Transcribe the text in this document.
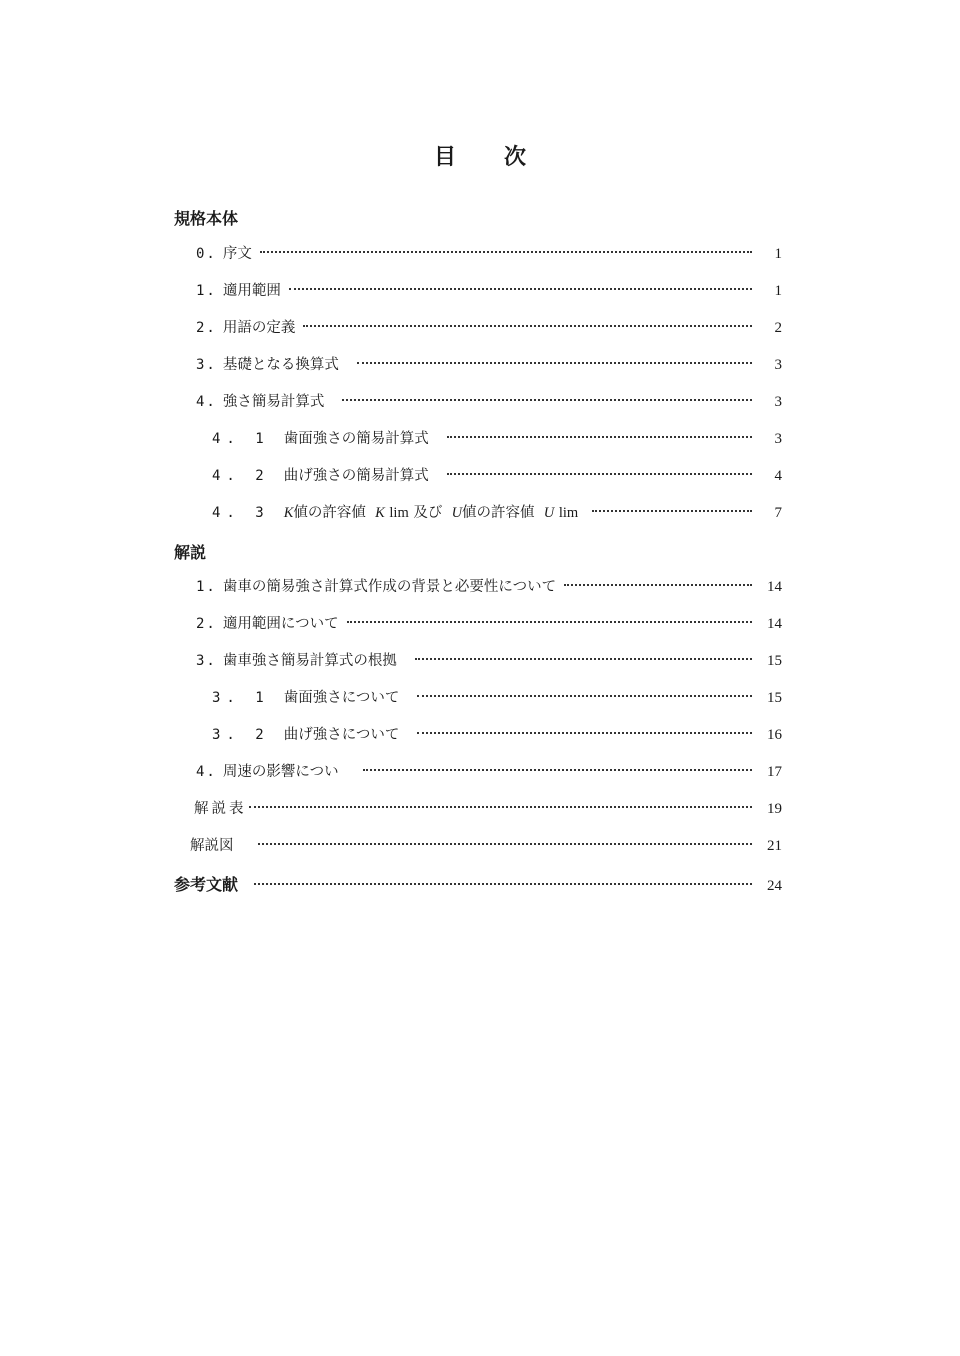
目 次
規格本体
0. 序文	1
1. 適用範囲	1
2. 用語の定義	2
3. 基礎となる換算式	3
4. 強さ簡易計算式	3
4. 1 歯面強さの簡易計算式	3
4. 2 曲げ強さの簡易計算式	4
4. 3 K値の許容値 K lim 及び U値の許容値 U lim	7
解説
1. 歯車の簡易強さ計算式作成の背景と必要性について	14
2. 適用範囲について	14
3. 歯車強さ簡易計算式の根拠	15
3. 1 歯面強さについて	15
3. 2 曲げ強さについて	16
4. 周速の影響につい	17
解説表	19
解説図	21
参考文献	24
